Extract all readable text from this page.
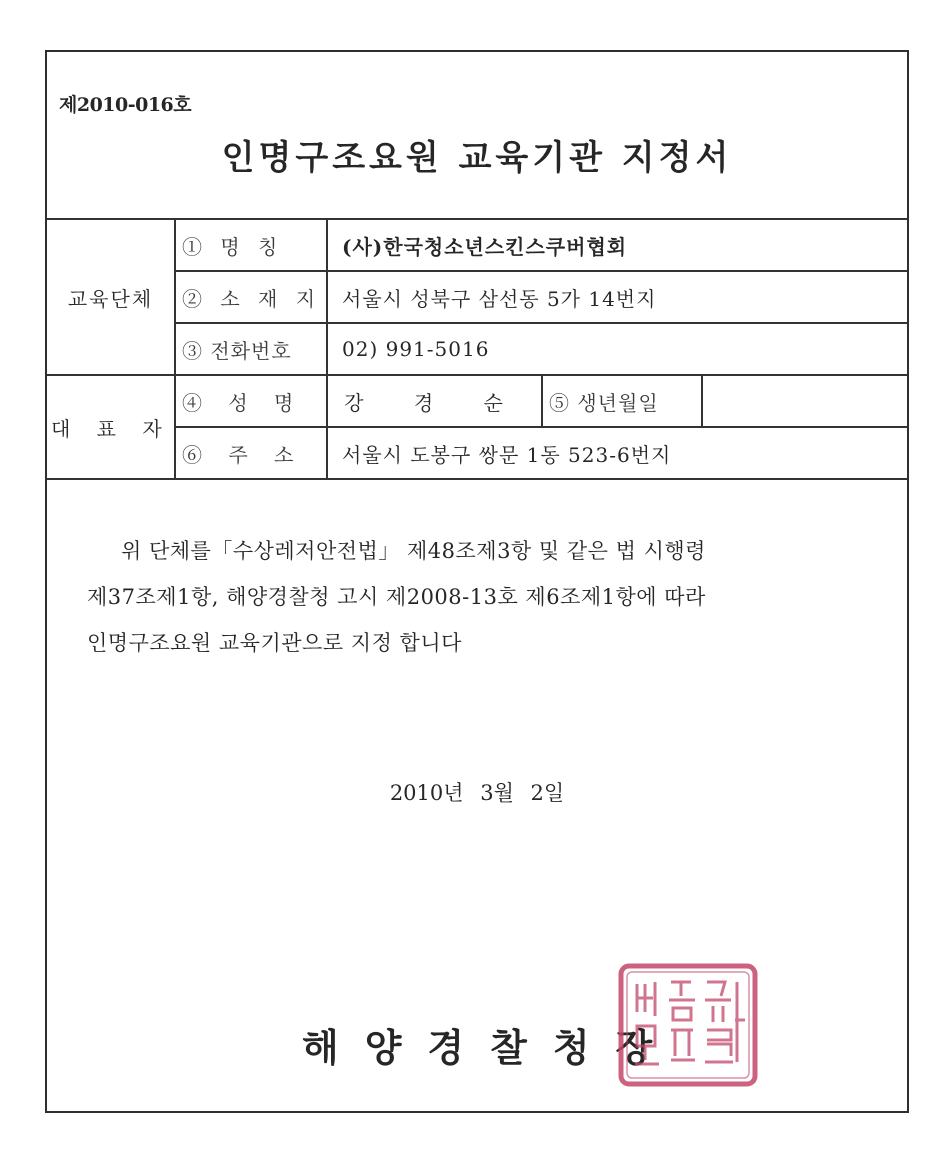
제2010-016호
인명구조요원 교육기관 지정서
교육단체	① 명 칭	(사)한국청소년스킨스쿠버협회		
	② 소 재 지	서울시 성북구 삼선동 5가 14번지		
	③ 전화번호	02) 991-5016		
대 표 자	④ 성 명	강 경 순	⑤ 생년월일	
	⑥ 주 소	서울시 도봉구 쌍문 1동 523-6번지		

위 단체를「수상레저안전법」 제48조제3항 및 같은 법 시행령

제37조제1항, 해양경찰청 고시 제2008-13호 제6조제1항에 따라

인명구조요원 교육기관으로 지정 합니다

2010년 3월 2일
해양경찰청장
